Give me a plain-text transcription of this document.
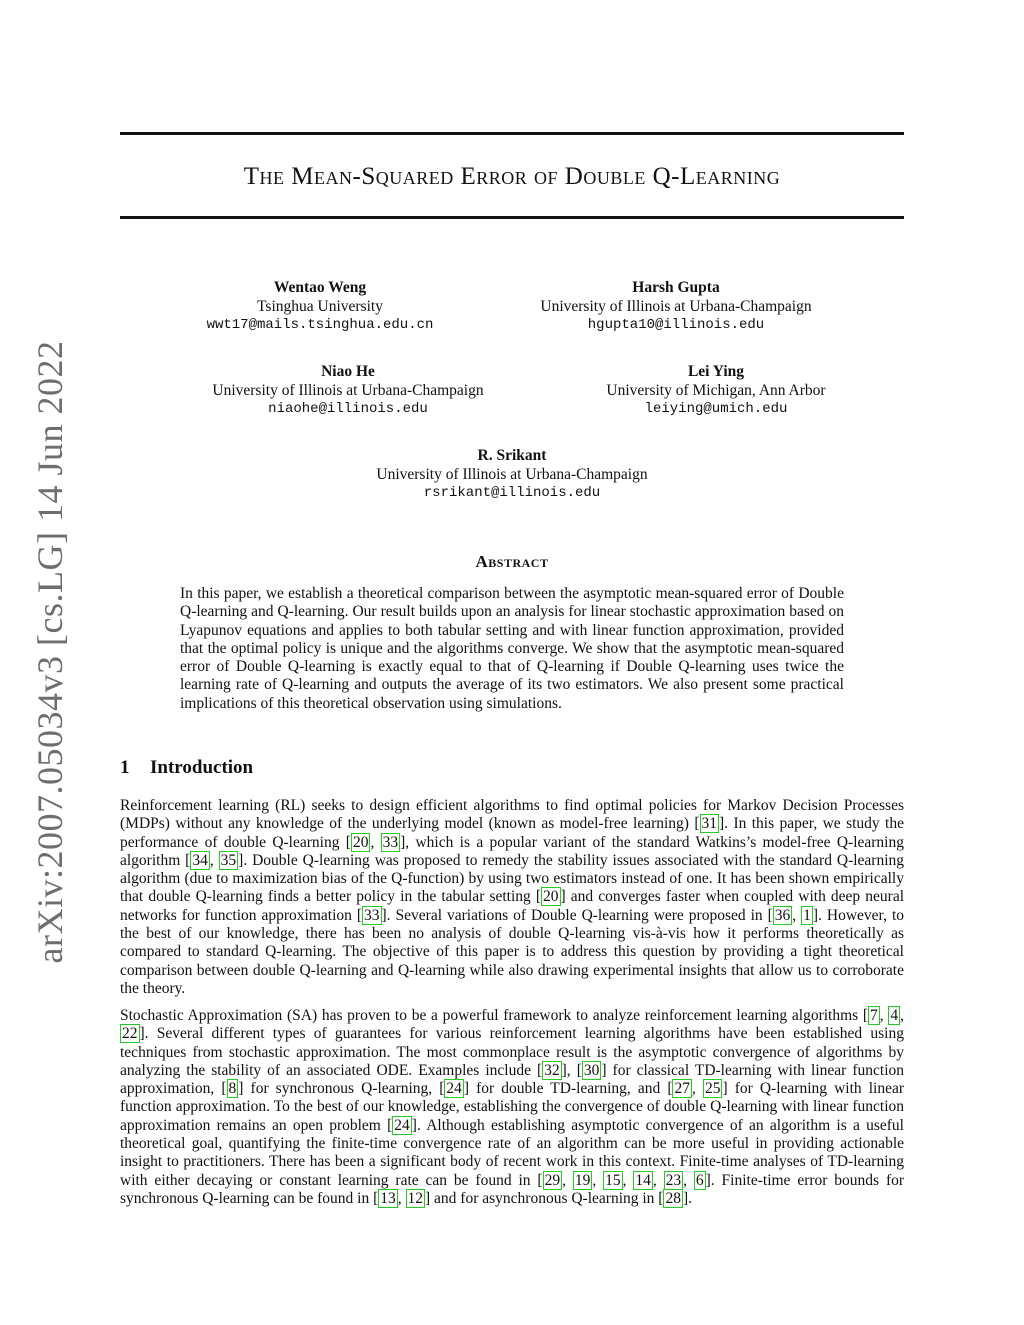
The Mean-Squared Error of Double Q-Learning
arXiv:2007.05034v3 [cs.LG] 14 Jun 2022
Wentao Weng
Tsinghua University
wwt17@mails.tsinghua.edu.cn
Harsh Gupta
University of Illinois at Urbana-Champaign
hgupta10@illinois.edu
Niao He
University of Illinois at Urbana-Champaign
niaohe@illinois.edu
Lei Ying
University of Michigan, Ann Arbor
leiying@umich.edu
R. Srikant
University of Illinois at Urbana-Champaign
rsrikant@illinois.edu
Abstract

In this paper, we establish a theoretical comparison between the asymptotic mean-squared error of Double Q-learning and Q-learning. Our result builds upon an analysis for linear stochastic approximation based on Lyapunov equations and applies to both tabular setting and with linear function approximation, provided that the optimal policy is unique and the algorithms converge. We show that the asymptotic mean-squared error of Double Q-learning is exactly equal to that of Q-learning if Double Q-learning uses twice the learning rate of Q-learning and outputs the average of its two estimators. We also present some practical implications of this theoretical observation using simulations.

1 Introduction

Reinforcement learning (RL) seeks to design efficient algorithms to find optimal policies for Markov Decision Processes (MDPs) without any knowledge of the underlying model (known as model-free learning) [ 31 ]. In this paper, we study the performance of double Q-learning [ 20 , 33 ], which is a popular variant of the standard Watkins’s model-free Q-learning algorithm [ 34 , 35 ]. Double Q-learning was proposed to remedy the stability issues associated with the standard Q-learning algorithm (due to maximization bias of the Q-function) by using two estimators instead of one. It has been shown empirically that double Q-learning finds a better policy in the tabular setting [ 20 ] and converges faster when coupled with deep neural networks for function approximation [ 33 ]. Several variations of Double Q-learning were proposed in [ 36 , 1 ]. However, to the best of our knowledge, there has been no analysis of double Q-learning vis-à-vis how it performs theoretically as compared to standard Q-learning. The objective of this paper is to address this question by providing a tight theoretical comparison between double Q-learning and Q-learning while also drawing experimental insights that allow us to corroborate the theory.

Stochastic Approximation (SA) has proven to be a powerful framework to analyze reinforcement learning algorithms [ 7 , 4 , 22 ]. Several different types of guarantees for various reinforcement learning algorithms have been established using techniques from stochastic approximation. The most commonplace result is the asymptotic convergence of algorithms by analyzing the stability of an associated ODE. Examples include [ 32 ], [ 30 ] for classical TD-learning with linear function approximation, [ 8 ] for synchronous Q-learning, [ 24 ] for double TD-learning, and [ 27 , 25 ] for Q-learning with linear function approximation. To the best of our knowledge, establishing the convergence of double Q-learning with linear function approximation remains an open problem [ 24 ]. Although establishing asymptotic convergence of an algorithm is a useful theoretical goal, quantifying the finite-time convergence rate of an algorithm can be more useful in providing actionable insight to practitioners. There has been a significant body of recent work in this context. Finite-time analyses of TD-learning with either decaying or constant learning rate can be found in [ 29 , 19 , 15 , 14 , 23 , 6 ]. Finite-time error bounds for synchronous Q-learning can be found in [ 13 , 12 ] and for asynchronous Q-learning in [ 28 ].
